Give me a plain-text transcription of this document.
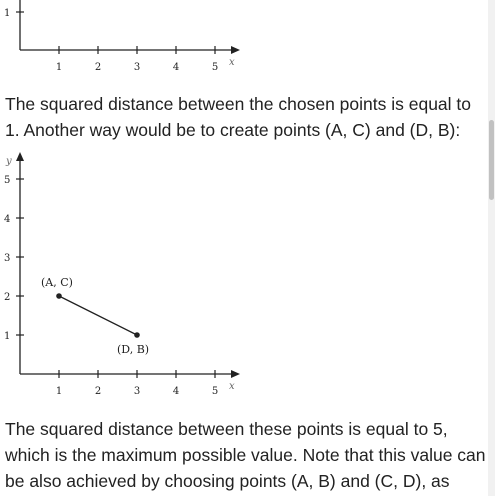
1
1	2	3	4	5 x

The squared distance between the chosen points is equal to 1. Another way would be to create points (A, C) and (D, B):

y
x
1
2
3
4
5
1	2	3	4	5
(A, C)
(D, B)

The squared distance between these points is equal to 5, which is the maximum possible value. Note that this value can be also achieved by choosing points (A, B) and (C, D), as
